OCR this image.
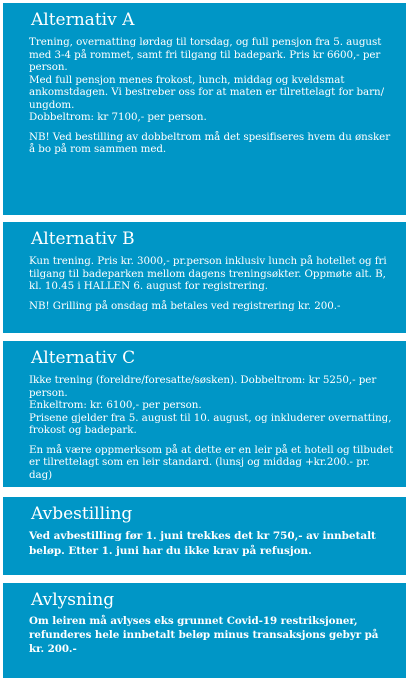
Alternativ A

Trening, overnatting lørdag til torsdag, og full pensjon fra 5. august med 3-4 på rommet, samt fri tilgang til badepark. Pris kr 6600,- per person.

Med full pensjon menes frokost, lunch, middag og kveldsmat ankomstdagen. Vi bestreber oss for at maten er tilrettelagt for barn/ ungdom.

Dobbeltrom: kr 7100,- per person.

NB! Ved bestilling av dobbeltrom må det spesifiseres hvem du ønsker å bo på rom sammen med.

Alternativ B

Kun trening. Pris kr. 3000,- pr.person inklusiv lunch på hotellet og fri tilgang til badeparken mellom dagens treningsøkter. Oppmøte alt. B, kl. 10.45 i HALLEN 6. august for registrering.

NB! Grilling på onsdag må betales ved registrering kr. 200.-

Alternativ C

Ikke trening (foreldre/foresatte/søsken). Dobbeltrom: kr 5250,- per person.

Enkeltrom: kr. 6100,- per person.

Prisene gjelder fra 5. august til 10. august, og inkluderer overnatting, frokost og badepark.

En må være oppmerksom på at dette er en leir på et hotell og tilbudet er tilrettelagt som en leir standard. (lunsj og middag +kr.200.- pr. dag)

Avbestilling

Ved avbestilling før 1. juni trekkes det kr 750,- av innbetalt beløp. Etter 1. juni har du ikke krav på refusjon.

Avlysning

Om leiren må avlyses eks grunnet Covid-19 restriksjoner, refunderes hele innbetalt beløp minus transaksjons gebyr på kr. 200.-
